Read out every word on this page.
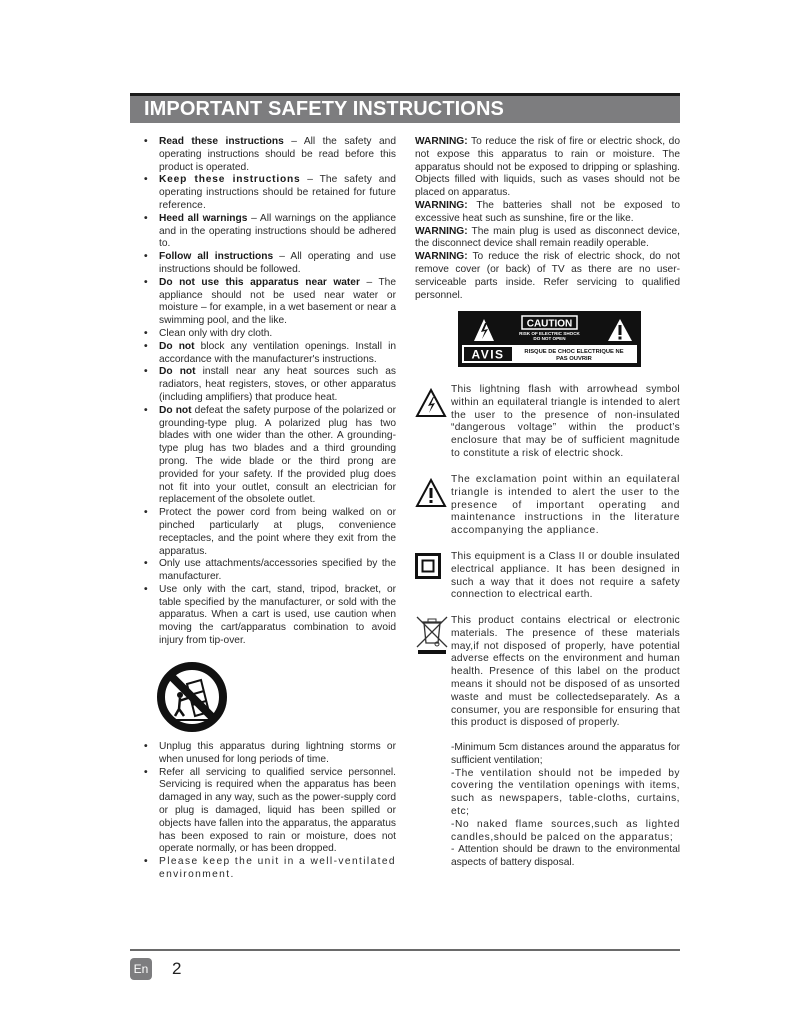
IMPORTANT SAFETY INSTRUCTIONS
• Read these instructions – All the safety and operating instructions should be read before this product is operated.
• Keep these instructions – The safety and operating instructions should be retained for future reference.
• Heed all warnings – All warnings on the appliance and in the operating instructions should be adhered to.
• Follow all instructions – All operating and use instructions should be followed.
• Do not use this apparatus near water – The appliance should not be used near water or moisture – for example, in a wet basement or near a swimming pool, and the like.
• Clean only with dry cloth.
• Do not block any ventilation openings. Install in accordance with the manufacturer's instructions.
• Do not install near any heat sources such as radiators, heat registers, stoves, or other apparatus (including amplifiers) that produce heat.
• Do not defeat the safety purpose of the polarized or grounding-type plug. A polarized plug has two blades with one wider than the other. A grounding-type plug has two blades and a third grounding prong. The wide blade or the third prong are provided for your safety. If the provided plug does not fit into your outlet, consult an electrician for replacement of the obsolete outlet.
• Protect the power cord from being walked on or pinched particularly at plugs, convenience receptacles, and the point where they exit from the apparatus.
• Only use attachments/accessories specified by the manufacturer.
• Use only with the cart, stand, tripod, bracket, or table specified by the manufacturer, or sold with the apparatus. When a cart is used, use caution when moving the cart/apparatus combination to avoid injury from tip-over.
• Unplug this apparatus during lightning storms or when unused for long periods of time.
• Refer all servicing to qualified service personnel. Servicing is required when the apparatus has been damaged in any way, such as the power-supply cord or plug is damaged, liquid has been spilled or objects have fallen into the apparatus, the apparatus has been exposed to rain or moisture, does not operate normally, or has been dropped.
• Please keep the unit in a well-ventilated environment.

WARNING: To reduce the risk of fire or electric shock, do not expose this apparatus to rain or moisture. The apparatus should not be exposed to dripping or splashing. Objects filled with liquids, such as vases should not be placed on apparatus.

WARNING: The batteries shall not be exposed to excessive heat such as sunshine, fire or the like.

WARNING: The main plug is used as disconnect device, the disconnect device shall remain readily operable.

WARNING: To reduce the risk of electric shock, do not remove cover (or back) of TV as there are no user-serviceable parts inside. Refer servicing to qualified personnel.

CAUTION
RISK OF ELECTRIC SHOCK
DO NOT OPEN
AVIS	RISQUE DE CHOC ELECTRIQUE NE
PAS OUVRIR
This lightning flash with arrowhead symbol within an equilateral triangle is intended to alert the user to the presence of non-insulated “dangerous voltage” within the product’s enclosure that may be of sufficient magnitude to constitute a risk of electric shock.
The exclamation point within an equilateral triangle is intended to alert the user to the presence of important operating and maintenance instructions in the literature accompanying the appliance.
This equipment is a Class II or double insulated electrical appliance. It has been designed in such a way that it does not require a safety connection to electrical earth.
This product contains electrical or electronic materials. The presence of these materials may,if not disposed of properly, have potential adverse effects on the environment and human health. Presence of this label on the product means it should not be disposed of as unsorted waste and must be collectedseparately. As a consumer, you are responsible for ensuring that this product is disposed of properly.
-Minimum 5cm distances around the apparatus for sufficient ventilation;
-The ventilation should not be impeded by covering the ventilation openings with items, such as newspapers, table-cloths, curtains, etc;
-No naked flame sources,such as lighted candles,should be palced on the apparatus;
- Attention should be drawn to the environmental aspects of battery disposal.
En 2
